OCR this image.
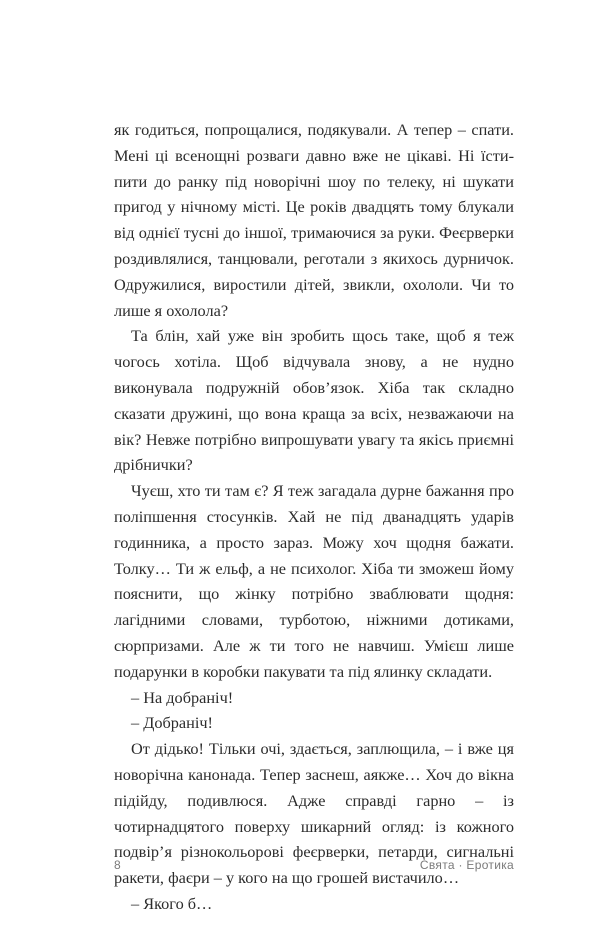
як годиться, попрощалися, подякували. А тепер – спати. Мені ці всенощні розваги давно вже не цікаві. Ні їсти-пити до ранку під новорічні шоу по телеку, ні шукати пригод у нічному місті. Це років двадцять тому блукали від однієї тусні до іншої, тримаючися за руки. Феєрверки роздивлялися, танцювали, реготали з якихось дурничок. Одружилися, виростили дітей, звикли, охололи. Чи то лише я охолола?

Та блін, хай уже він зробить щось таке, щоб я теж чогось хотіла. Щоб відчувала знову, а не нудно виконувала подружній обов’язок. Хіба так складно сказати дружині, що вона краща за всіх, незважаючи на вік? Невже потрібно випрошувати увагу та якісь приємні дрібнички?

Чуєш, хто ти там є? Я теж загадала дурне бажання про поліпшення стосунків. Хай не під дванадцять ударів годинника, а просто зараз. Можу хоч щодня бажати. Толку… Ти ж ельф, а не психолог. Хіба ти зможеш йому пояснити, що жінку потрібно зваблювати щодня: лагідними словами, турботою, ніжними дотиками, сюрпризами. Але ж ти того не навчиш. Умієш лише подарунки в коробки пакувати та під ялинку складати.

– На добраніч!

– Добраніч!

От дідько! Тільки очі, здається, заплющила, – і вже ця новорічна канонада. Тепер заснеш, аякже… Хоч до вікна підійду, подивлюся. Адже справді гарно – із чотирнадцятого поверху шикарний огляд: із кожного подвір’я різнокольорові феєрверки, петарди, сигнальні ракети, фаєри – у кого на що грошей вистачило…

– Якого б…

8	Свята · Еротика
